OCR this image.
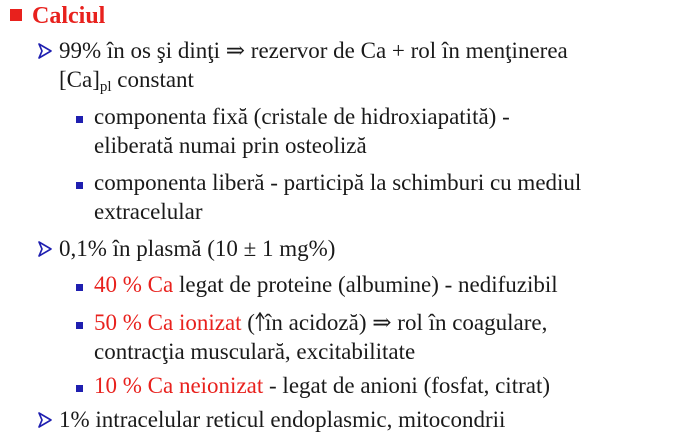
Calciul
99% în os şi dinţi ⇒ rezervor de Ca + rol în menţinerea
$[Ca]_{pl}$ constant
componenta fixă (cristale de hidroxiapatită) -
eliberată numai prin osteoliză
componenta liberă - participă la schimburi cu mediul
extracelular
0,1% în plasmă (10 ± 1 mg%)
40 % Ca legat de proteine (albumine) - nedifuzibil
50 % Ca ionizat ( în acidoză) ⇒ rol în coagulare,
contracţia musculară, excitabilitate
10 % Ca neionizat - legat de anioni (fosfat, citrat)
1% intracelular reticul endoplasmic, mitocondrii
